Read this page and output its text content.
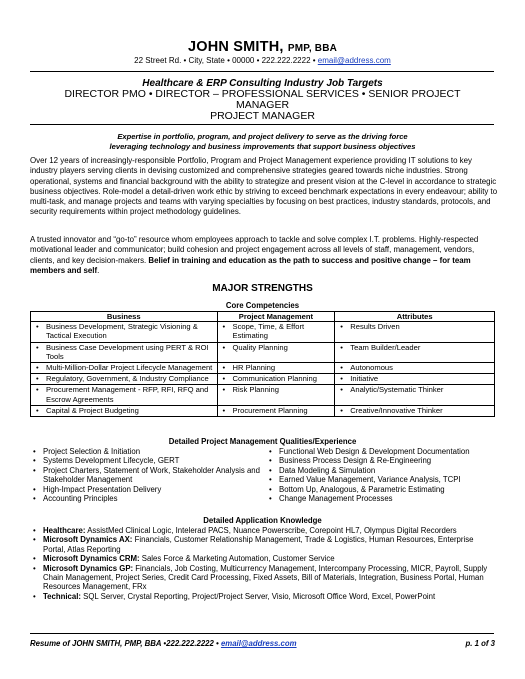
JOHN SMITH, PMP, BBA
22 Street Rd. • City, State • 00000 • 222.222.2222 • email@address.com
Healthcare & ERP Consulting Industry Job Targets
DIRECTOR PMO • DIRECTOR – PROFESSIONAL SERVICES • SENIOR PROJECT MANAGER
PROJECT MANAGER
Expertise in portfolio, program, and project delivery to serve as the driving force
leveraging technology and business improvements that support business objectives
Over 12 years of increasingly-responsible Portfolio, Program and Project Management experience providing IT solutions to key industry players serving clients in devising customized and comprehensive strategies geared towards niche industries. Strong operational, systems and financial background with the ability to strategize and present vision at the C-level in accordance to strategic business objectives. Role-model a detail-driven work ethic by striving to exceed benchmark expectations in every endeavour; ability to multi-task, and manage projects and teams with varying specialties by focusing on best practices, industry standards, protocols, and security requirements within project methodology guidelines.
A trusted innovator and “go-to” resource whom employees approach to tackle and solve complex I.T. problems. Highly-respected motivational leader and communicator; build cohesion and project engagement across all levels of staff, management, vendors, clients, and key decision-makers. Belief in training and education as the path to success and positive change – for team members and self.
MAJOR STRENGTHS
Core Competencies
Business	Project Management	Attributes

• Business Development, Strategic Visioning & Tactical Execution	• Scope, Time, & Effort Estimating	• Results Driven

• Business Case Development using PERT & ROI Tools	• Quality Planning	• Team Builder/Leader

• Multi-Million-Dollar Project Lifecycle Management	• HR Planning	• Autonomous

• Regulatory, Government, & Industry Compliance	• Communication Planning	• Initiative

• Procurement Management - RFP, RFI, RFQ and Escrow Agreements	• Risk Planning	• Analytic/Systematic Thinker

• Capital & Project Budgeting	• Procurement Planning	• Creative/Innovative Thinker
Detailed Project Management Qualities/Experience
• Project Selection & Initiation
• Systems Development Lifecycle, GERT
• Project Charters, Statement of Work, Stakeholder Analysis and Stakeholder Management
• High-Impact Presentation Delivery
• Accounting Principles
• Functional Web Design & Development Documentation
• Business Process Design & Re-Engineering
• Data Modeling & Simulation
• Earned Value Management, Variance Analysis, TCPI
• Bottom Up, Analogous, & Parametric Estimating
• Change Management Processes
Detailed Application Knowledge
• Healthcare: AssistMed Clinical Logic, Intelerad PACS, Nuance Powerscribe, Corepoint HL7, Olympus Digital Recorders
• Microsoft Dynamics AX: Financials, Customer Relationship Management, Trade & Logistics, Human Resources, Enterprise Portal, Atlas Reporting
• Microsoft Dynamics CRM: Sales Force & Marketing Automation, Customer Service
• Microsoft Dynamics GP: Financials, Job Costing, Multicurrency Management, Intercompany Processing, MICR, Payroll, Supply Chain Management, Project Series, Credit Card Processing, Fixed Assets, Bill of Materials, Integration, Business Portal, Human Resources Management, FRx
• Technical: SQL Server, Crystal Reporting, Project/Project Server, Visio, Microsoft Office Word, Excel, PowerPoint
Resume of JOHN SMITH, PMP, BBA •222.222.2222 • email@address.com	p. 1 of 3
